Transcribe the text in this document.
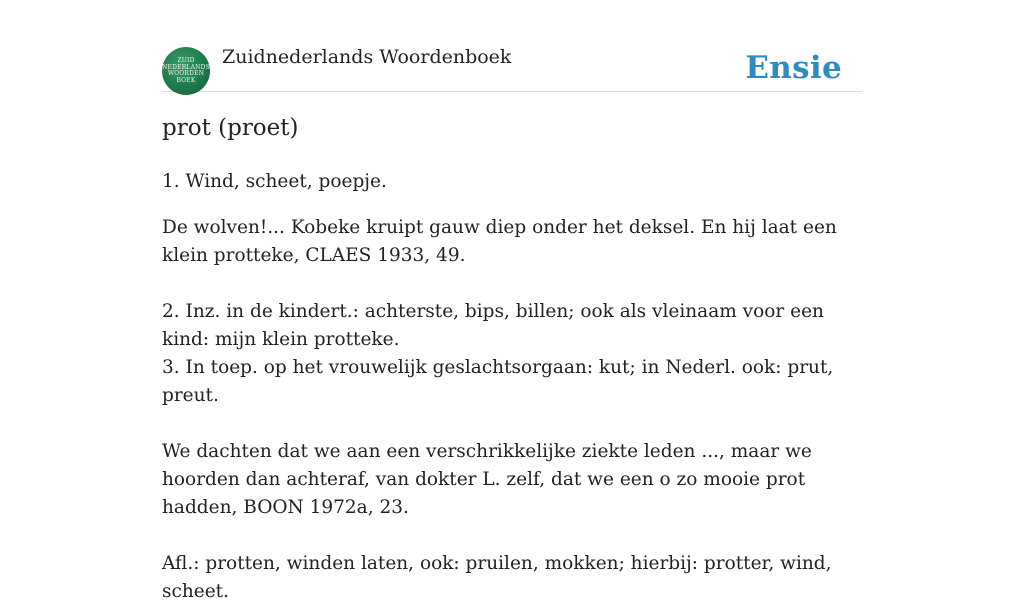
ZUID
NEDERLANDS
WOORDEN
BOEK
Zuidnederlands Woordenboek	Ensie
prot (proet)

1. Wind, scheet, poepje.

De wolven!... Kobeke kruipt gauw diep onder het deksel. En hij laat een klein protteke, CLAES 1933, 49.

2. Inz. in de kindert.: achterste, bips, billen; ook als vleinaam voor een kind: mijn klein protteke.

3. In toep. op het vrouwelijk geslachtsorgaan: kut; in Nederl. ook: prut, preut.

We dachten dat we aan een verschrikkelijke ziekte leden ..., maar we hoorden dan achteraf, van dokter L. zelf, dat we een o zo mooie prot hadden, BOON 1972a, 23.

Afl.: protten, winden laten, ook: pruilen, mokken; hierbij: protter, wind, scheet.
